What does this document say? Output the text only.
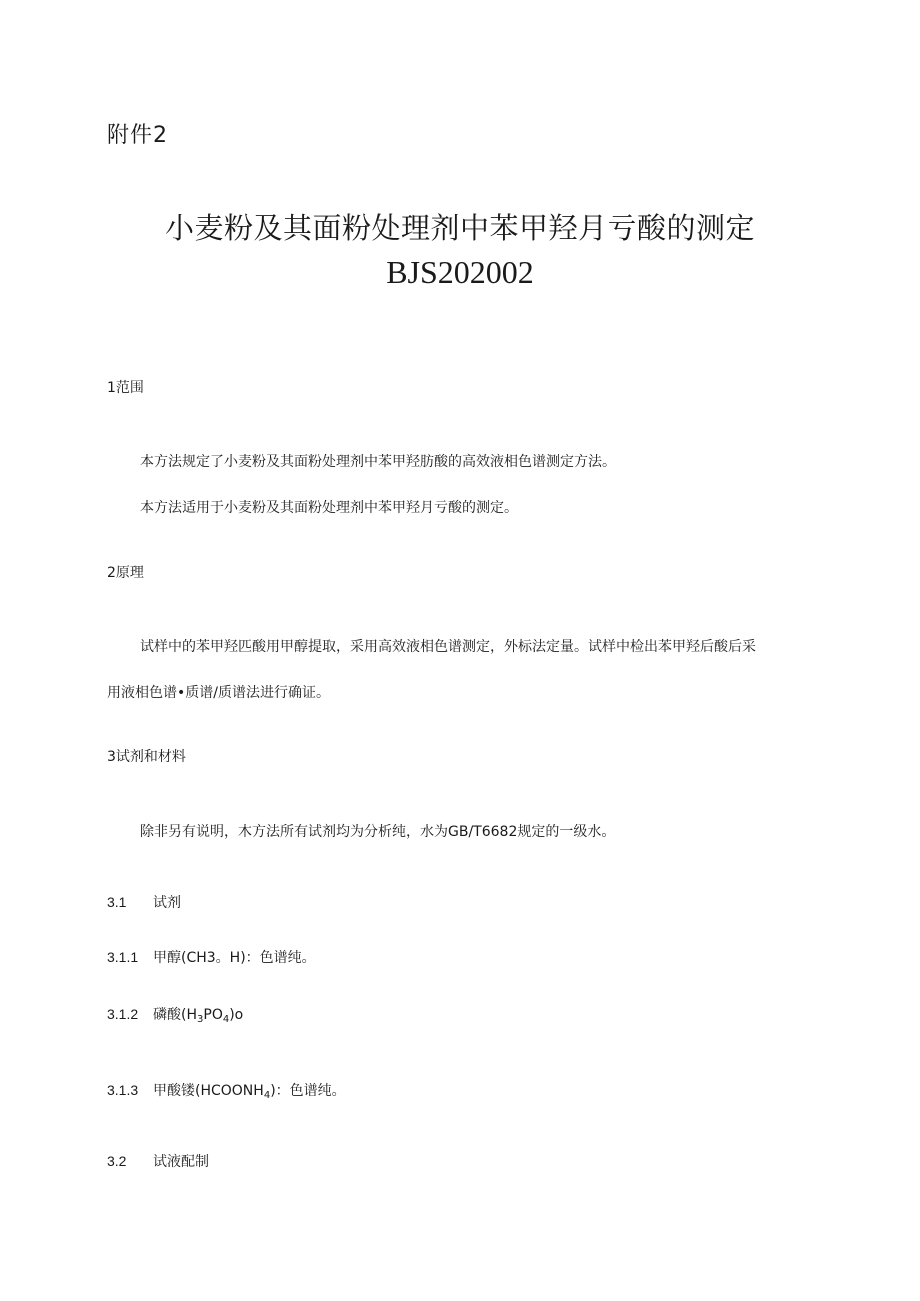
附件2
小麦粉及其面粉处理剂中苯甲羟月亏酸的测定
BJS202002
1范围
本方法规定了小麦粉及其面粉处理剂中苯甲羟肪酸的高效液相色谱测定方法。
本方法适用于小麦粉及其面粉处理剂中苯甲羟月亏酸的测定。
2原理
试样中的苯甲羟匹酸用甲醇提取，采用高效液相色谱测定，外标法定量。试样中检出苯甲羟后酸后采
用液相色谱•质谱/质谱法进行确证。
3试剂和材料
除非另有说明，木方法所有试剂均为分析纯，水为GB/T6682规定的一级水。
3.1 试剂
3.1.1 甲醇(CH3。H)：色谱纯。
3.1.2 磷酸$(H_3PO_4)o$
3.1.3 甲酸镂$(HCOONH_4)$：色谱纯。
3.2 试液配制
